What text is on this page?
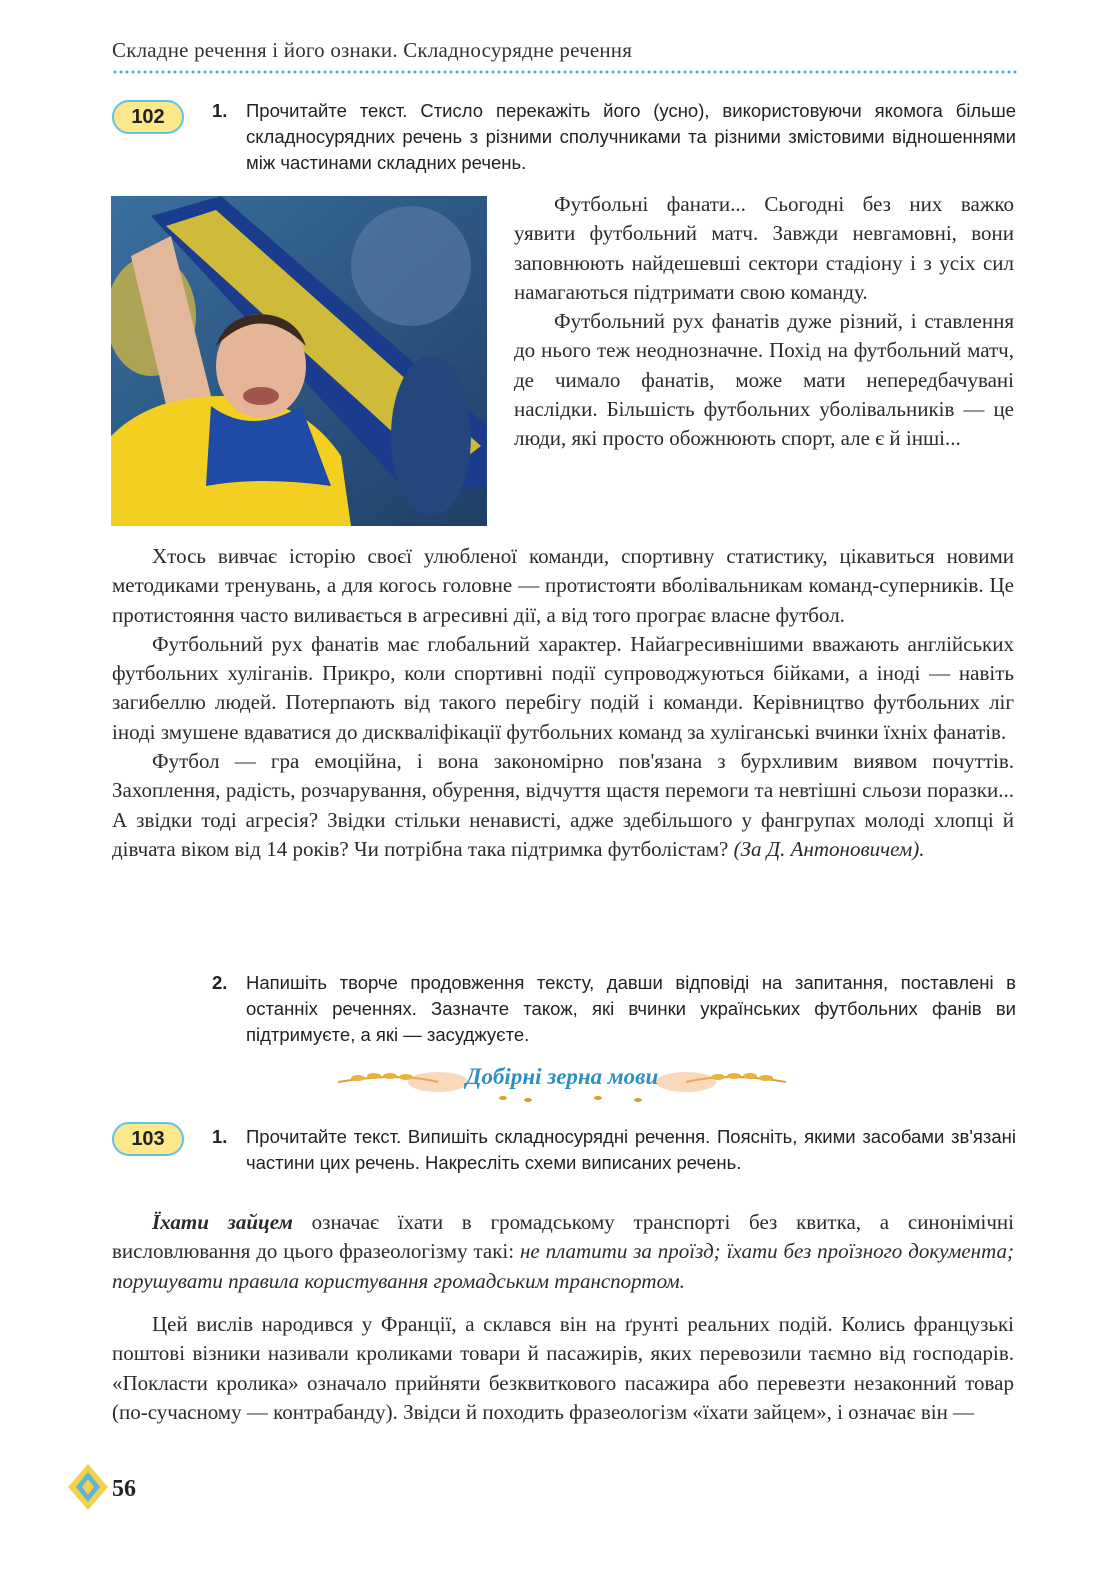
Складне речення і його ознаки. Складносурядне речення
102	1. Прочитайте текст. Стисло перекажіть його (усно), використовуючи якомога більше складносурядних речень з різними сполучниками та різними змістовими відношеннями між частинами складних речень.

Футбольні фанати... Сьогодні без них важко уявити футбольний матч. Завжди невгамовні, вони заповнюють найдешевші сектори стадіону і з усіх сил намагаються підтримати свою команду.

Футбольний рух фанатів дуже різний, і ставлення до нього теж неоднозначне. Похід на футбольний матч, де чимало фанатів, може мати непередбачувані наслідки. Більшість футбольних уболівальників — це люди, які просто обожнюють спорт, але є й інші...

Хтось вивчає історію своєї улюбленої команди, спортивну статистику, цікавиться новими методиками тренувань, а для когось головне — протистояти вболівальникам команд-суперників. Це протистояння часто виливається в агресивні дії, а від того програє власне футбол.

Футбольний рух фанатів має глобальний характер. Найагресивнішими вважають англійських футбольних хуліганів. Прикро, коли спортивні події супроводжуються бійками, а іноді — навіть загибеллю людей. Потерпають від такого перебігу подій і команди. Керівництво футбольних ліг іноді змушене вдаватися до дискваліфікації футбольних команд за хуліганські вчинки їхніх фанатів.

Футбол — гра емоційна, і вона закономірно пов'язана з бурхливим виявом почуттів. Захоплення, радість, розчарування, обурення, відчуття щастя перемоги та невтішні сльози поразки... А звідки тоді агресія? Звідки стільки ненависті, адже здебільшого у фангрупах молоді хлопці й дівчата віком від 14 років? Чи потрібна така підтримка футболістам? (За Д. Антоновичем).

2. Напишіть творче продовження тексту, давши відповіді на запитання, поставлені в останніх реченнях. Зазначте також, які вчинки українських футбольних фанів ви підтримуєте, а які — засуджуєте.
Добірні зерна мови
103	1. Прочитайте текст. Випишіть складносурядні речення. Поясніть, якими засобами зв'язані частини цих речень. Накресліть схеми виписаних речень.

Їхати зайцем означає їхати в громадському транспорті без квитка, а синонімічні висловлювання до цього фразеологізму такі: не платити за проїзд; їхати без проїзного документа; порушувати правила користування громадським транспортом.

Цей вислів народився у Франції, а склався він на ґрунті реальних подій. Колись французькі поштові візники називали кроликами товари й пасажирів, яких перевозили таємно від господарів. «Покласти кролика» означало прийняти безквиткового пасажира або перевезти незаконний товар (по-сучасному — контрабанду). Звідси й походить фразеологізм «їхати зайцем», і означає він —

56
